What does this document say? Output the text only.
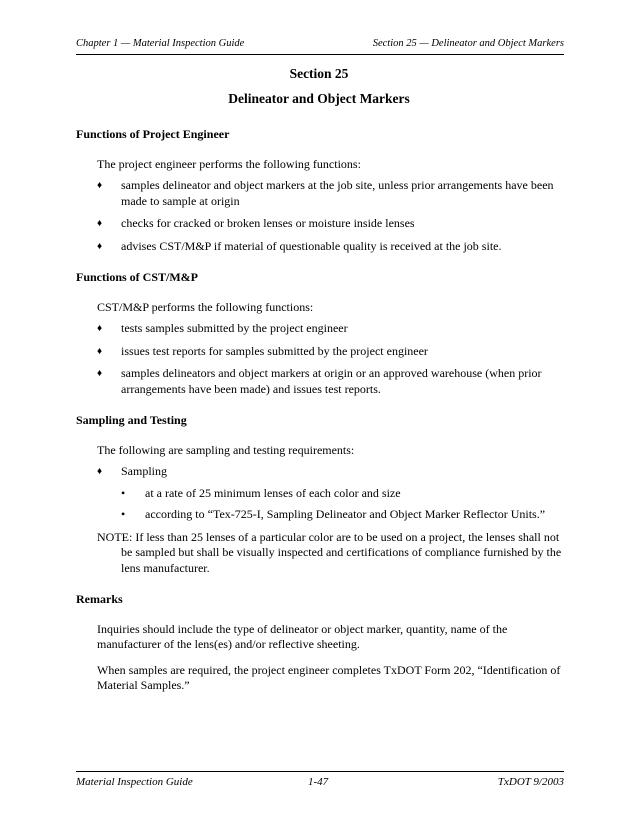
Chapter 1 — Material Inspection Guide	Section 25 — Delineator and Object Markers
Section 25
Delineator and Object Markers
Functions of Project Engineer

The project engineer performs the following functions:

♦ samples delineator and object markers at the job site, unless prior arrangements have been made to sample at origin
♦ checks for cracked or broken lenses or moisture inside lenses
♦ advises CST/M&P if material of questionable quality is received at the job site.
Functions of CST/M&P

CST/M&P performs the following functions:

♦ tests samples submitted by the project engineer
♦ issues test reports for samples submitted by the project engineer
♦ samples delineators and object markers at origin or an approved warehouse (when prior arrangements have been made) and issues test reports.
Sampling and Testing

The following are sampling and testing requirements:

♦ Sampling
• at a rate of 25 minimum lenses of each color and size
• according to “Tex-725-I, Sampling Delineator and Object Marker Reflector Units.”

NOTE: If less than 25 lenses of a particular color are to be used on a project, the lenses shall not be sampled but shall be visually inspected and certifications of compliance furnished by the lens manufacturer.

Remarks

Inquiries should include the type of delineator or object marker, quantity, name of the manufacturer of the lens(es) and/or reflective sheeting.

When samples are required, the project engineer completes TxDOT Form 202, “Identification of Material Samples.”

Material Inspection Guide	1-47	TxDOT 9/2003
